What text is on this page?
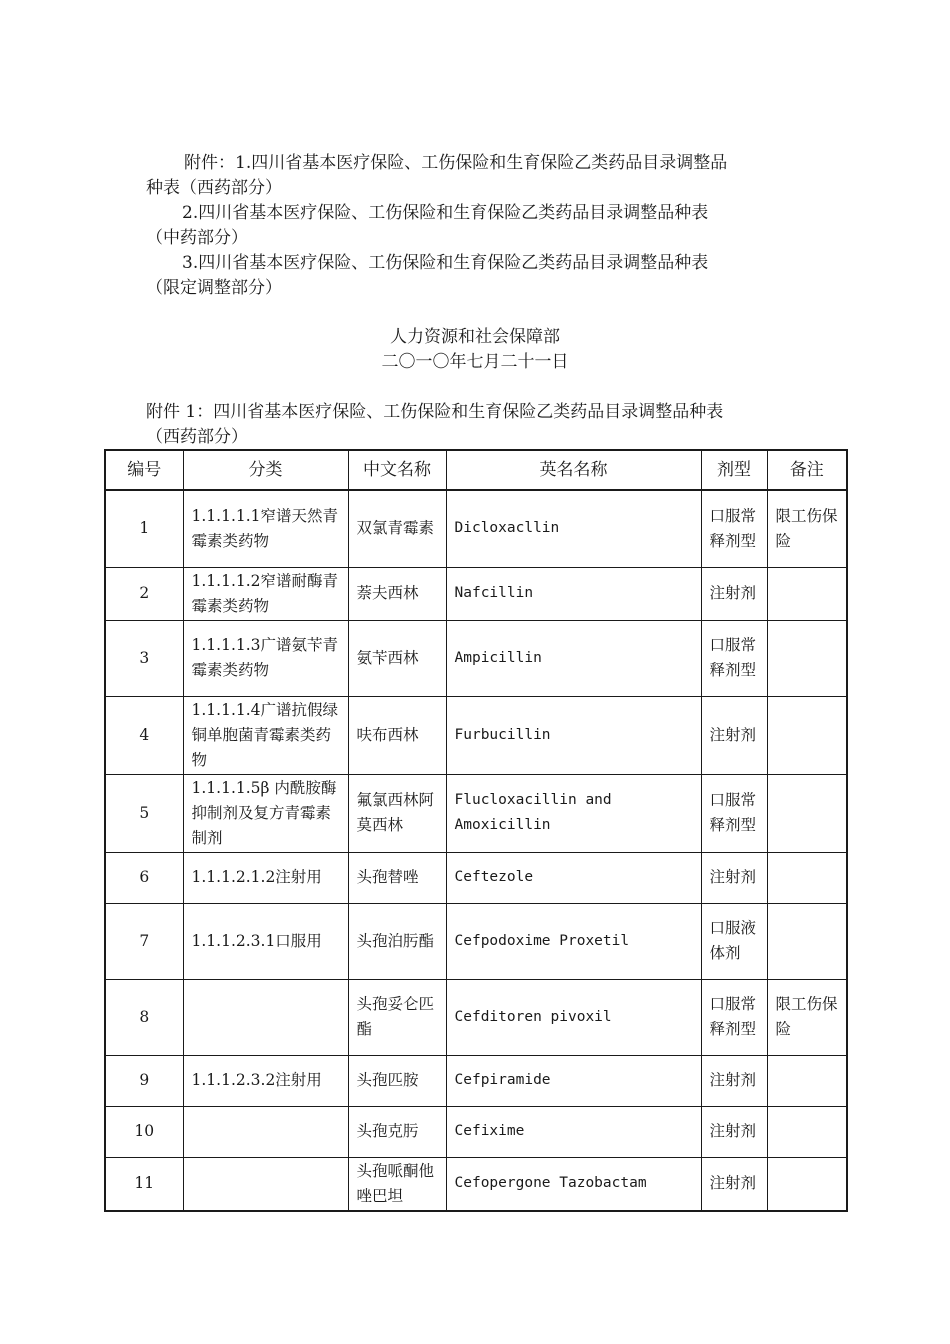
附件：1.四川省基本医疗保险、工伤保险和生育保险乙类药品目录调整品
种表（西药部分）
2.四川省基本医疗保险、工伤保险和生育保险乙类药品目录调整品种表
（中药部分）
3.四川省基本医疗保险、工伤保险和生育保险乙类药品目录调整品种表
（限定调整部分）
人力资源和社会保障部
二〇一〇年七月二十一日
附件 1：四川省基本医疗保险、工伤保险和生育保险乙类药品目录调整品种表
（西药部分）
编号	分类	中文名称	英名名称	剂型	备注
1	1.1.1.1.1窄谱天然青霉素类药物	双氯青霉素	Dicloxacllin	口服常释剂型	限工伤保险
2	1.1.1.1.2窄谱耐酶青霉素类药物	萘夫西林	Nafcillin	注射剂	
3	1.1.1.1.3广谱氨苄青霉素类药物	氨苄西林	Ampicillin	口服常释剂型	
4	1.1.1.1.4广谱抗假绿铜单胞菌青霉素类药物	呋布西林	Furbucillin	注射剂	
5	1.1.1.1.5β 内酰胺酶抑制剂及复方青霉素制剂	氟氯西林阿莫西林	Flucloxacillin and Amoxicillin	口服常释剂型	
6	1.1.1.2.1.2注射用	头孢替唑	Ceftezole	注射剂	
7	1.1.1.2.3.1口服用	头孢泊肟酯	Cefpodoxime Proxetil	口服液体剂	
8		头孢妥仑匹酯	Cefditoren pivoxil	口服常释剂型	限工伤保险
9	1.1.1.2.3.2注射用	头孢匹胺	Cefpiramide	注射剂	
10		头孢克肟	Cefixime	注射剂	
11		头孢哌酮他唑巴坦	Cefopergone Tazobactam	注射剂	
